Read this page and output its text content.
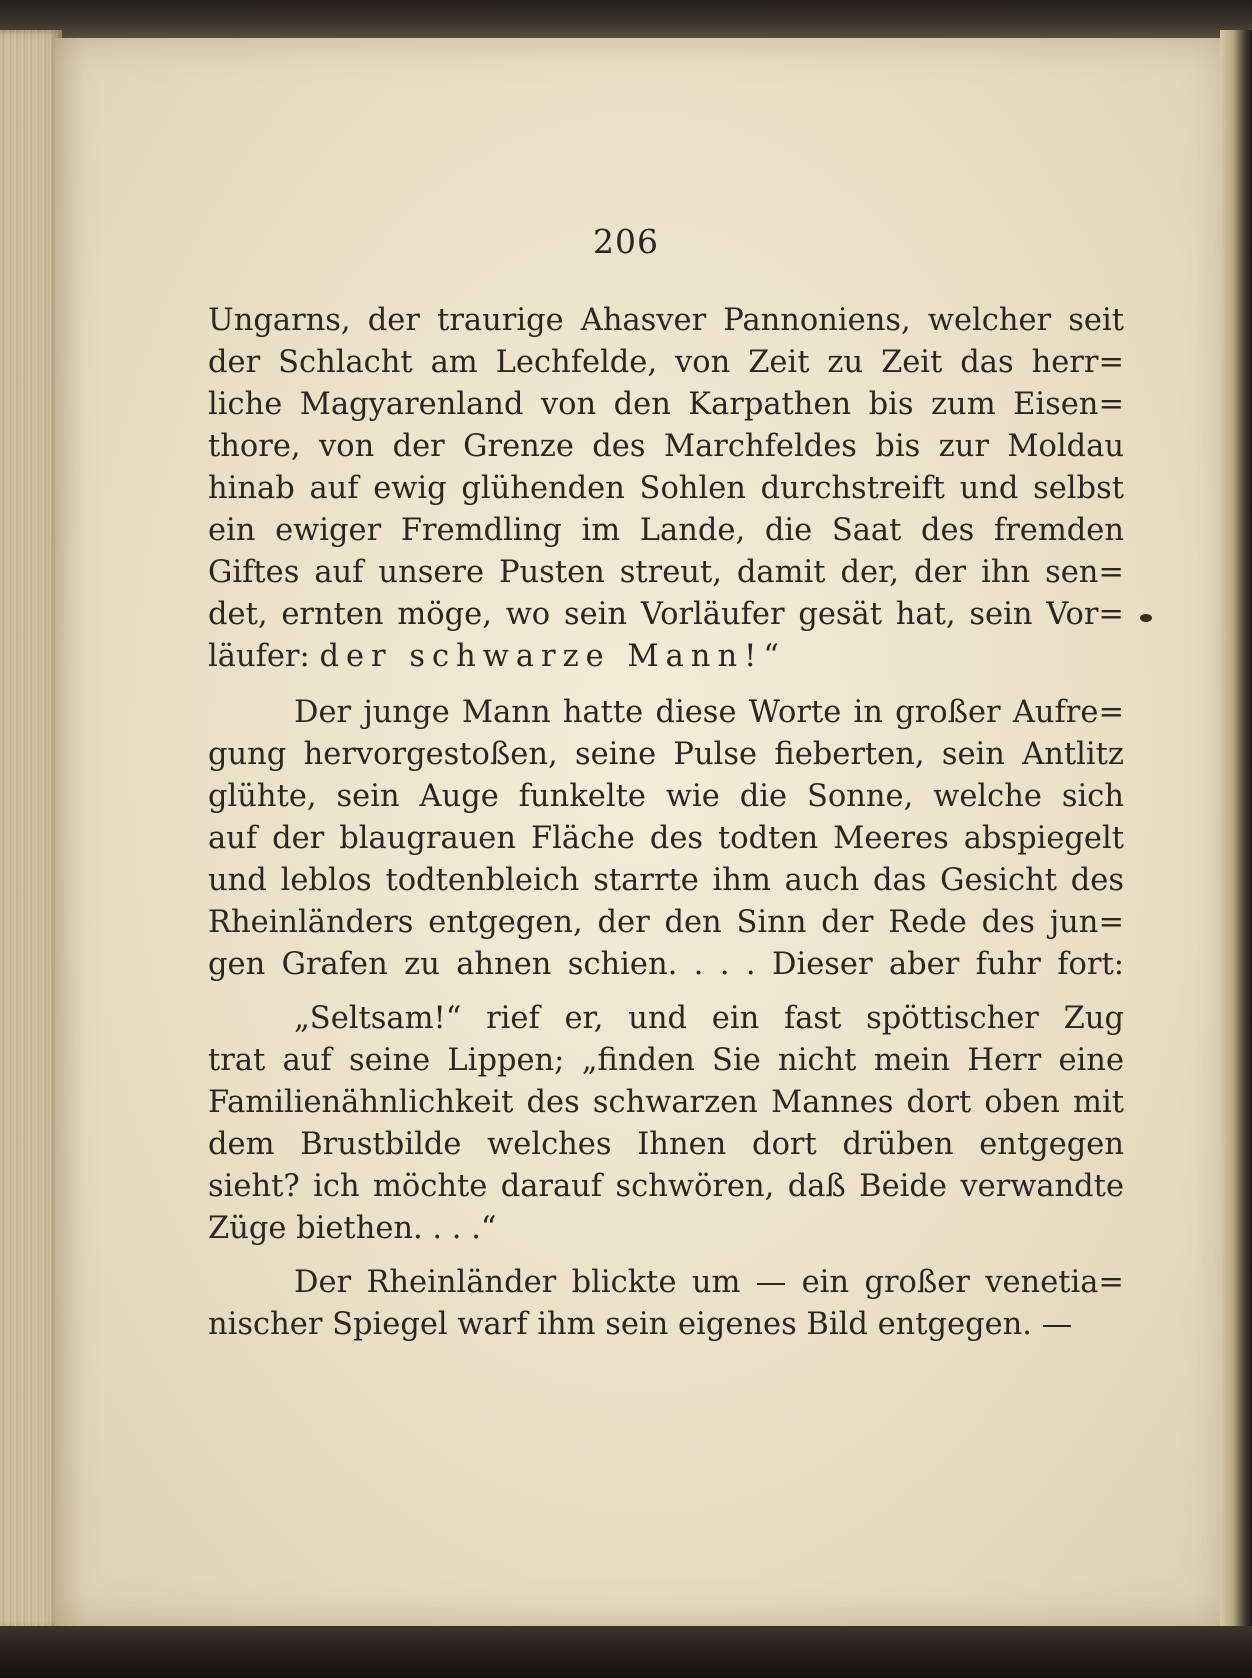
206

Ungarns, der traurige Ahasver Pannoniens, welcher seit

der Schlacht am Lechfelde, von Zeit zu Zeit das herr=

liche Magyarenland von den Karpathen bis zum Eisen=

thore, von der Grenze des Marchfeldes bis zur Moldau

hinab auf ewig glühenden Sohlen durchstreift und selbst

ein ewiger Fremdling im Lande, die Saat des fremden

Giftes auf unsere Pusten streut, damit der, der ihn sen=

det, ernten möge, wo sein Vorläufer gesät hat, sein Vor=

läufer: der schwarze Mann!“

Der junge Mann hatte diese Worte in großer Aufre=

gung hervorgestoßen, seine Pulse fieberten, sein Antlitz

glühte, sein Auge funkelte wie die Sonne, welche sich

auf der blaugrauen Fläche des todten Meeres abspiegelt

und leblos todtenbleich starrte ihm auch das Gesicht des

Rheinländers entgegen, der den Sinn der Rede des jun=

gen Grafen zu ahnen schien. . . . Dieser aber fuhr fort:

„Seltsam!“ rief er, und ein fast spöttischer Zug

trat auf seine Lippen; „finden Sie nicht mein Herr eine

Familienähnlichkeit des schwarzen Mannes dort oben mit

dem Brustbilde welches Ihnen dort drüben entgegen

sieht? ich möchte darauf schwören, daß Beide verwandte

Züge biethen. . . .“

Der Rheinländer blickte um — ein großer venetia=

nischer Spiegel warf ihm sein eigenes Bild entgegen. —
